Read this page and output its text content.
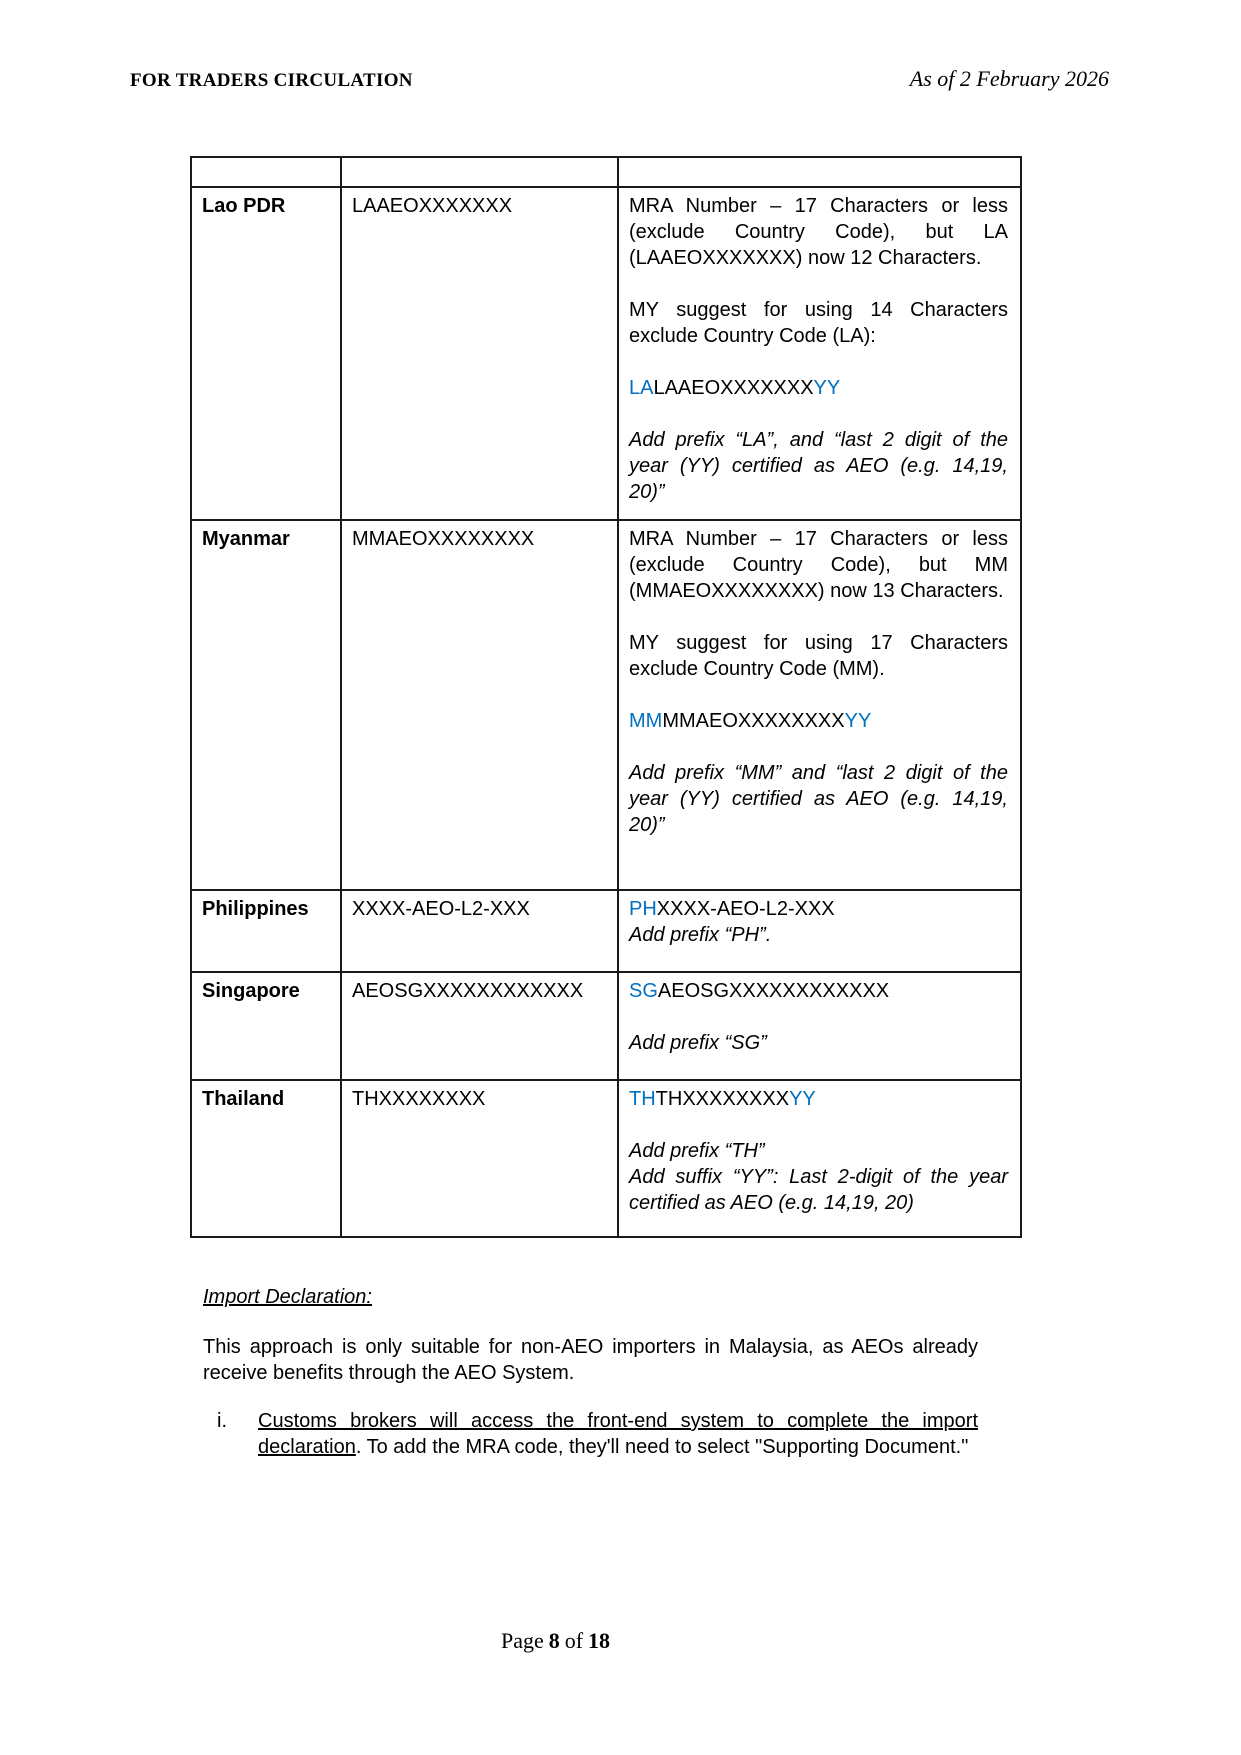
FOR TRADERS CIRCULATION	As of 2 February 2026

Lao PDR	LAAEOXXXXXXX	MRA Number – 17 Characters or less (exclude Country Code), but LA (LAAEOXXXXXXX) now 12 Characters.

MY suggest for using 14 Characters exclude Country Code (LA):

LALAAEOXXXXXXXYY

Add prefix “LA”, and “last 2 digit of the year (YY) certified as AEO (e.g. 14,19, 20)”

Myanmar	MMAEOXXXXXXXX	MRA Number – 17 Characters or less (exclude Country Code), but MM (MMAEOXXXXXXXX) now 13 Characters.

MY suggest for using 17 Characters exclude Country Code (MM).

MMMMAEOXXXXXXXXYY

Add prefix “MM” and “last 2 digit of the year (YY) certified as AEO (e.g. 14,19, 20)”

Philippines	XXXX-AEO-L2-XXX	PHXXXX-AEO-L2-XXX

Add prefix “PH”.

Singapore	AEOSGXXXXXXXXXXXX	SGAEOSGXXXXXXXXXXXX

Add prefix “SG”

Thailand	THXXXXXXXX	THTHXXXXXXXXYY

Add prefix “TH”

Add suffix “YY”: Last 2-digit of the year certified as AEO (e.g. 14,19, 20)

Import Declaration:

This approach is only suitable for non-AEO importers in Malaysia, as AEOs already receive benefits through the AEO System.

i.	Customs brokers will access the front-end system to complete the import declaration. To add the MRA code, they'll need to select "Supporting Document."
Page 8 of 18
